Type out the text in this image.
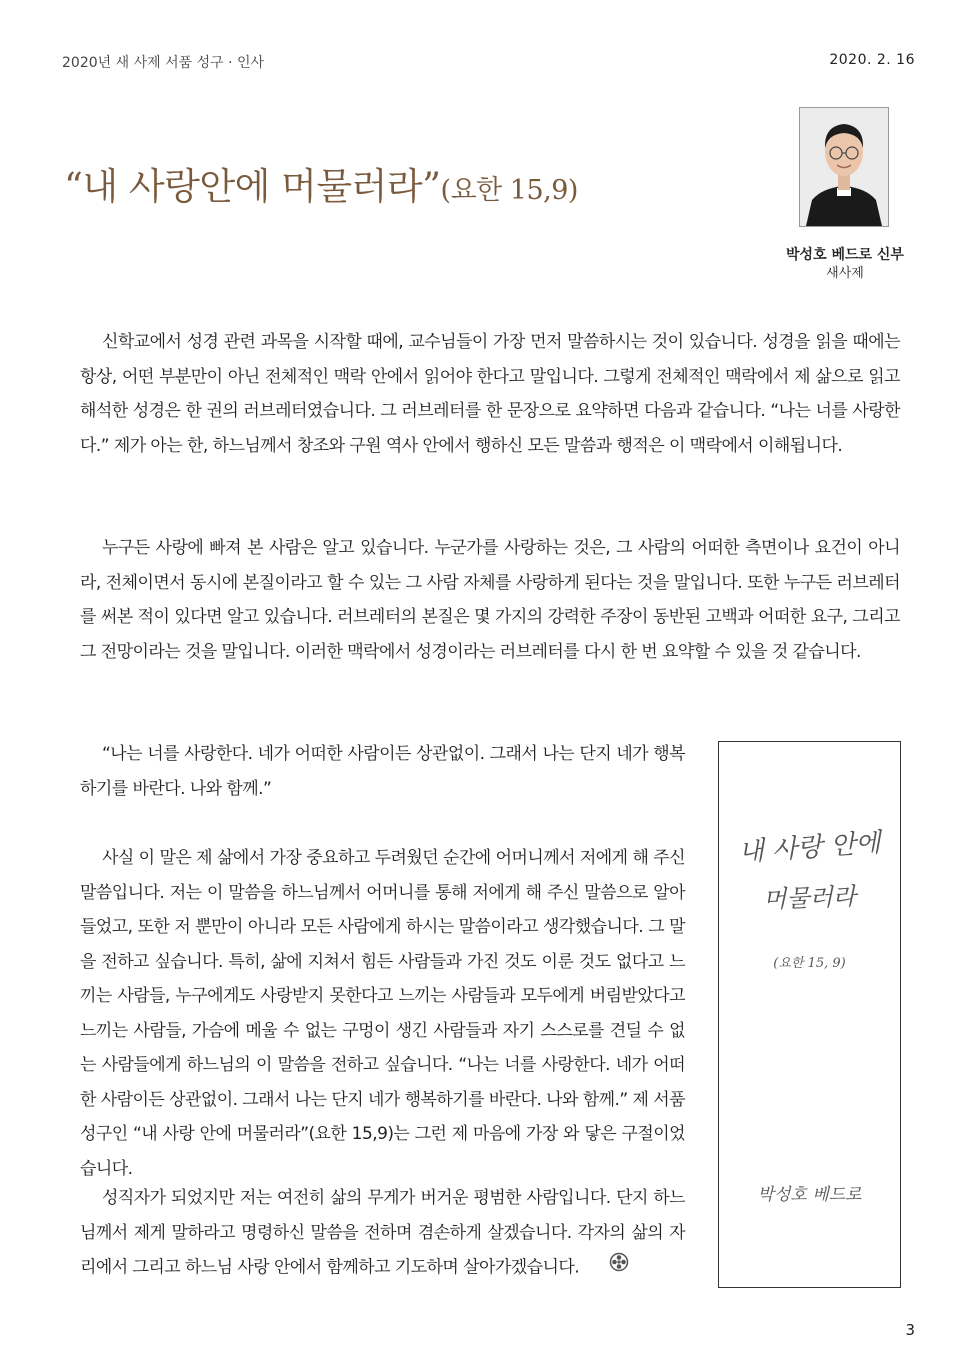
2020년 새 사제 서품 성구 · 인사	2020. 2. 16
“내 사랑안에 머물러라”(요한 15,9)
박성호 베드로 신부
새사제

신학교에서 성경 관련 과목을 시작할 때에, 교수님들이 가장 먼저 말씀하시는 것이 있습니다. 성경을 읽을 때에는 항상, 어떤 부분만이 아닌 전체적인 맥락 안에서 읽어야 한다고 말입니다. 그렇게 전체적인 맥락에서 제 삶으로 읽고 해석한 성경은 한 권의 러브레터였습니다. 그 러브레터를 한 문장으로 요약하면 다음과 같습니다. “나는 너를 사랑한다.” 제가 아는 한, 하느님께서 창조와 구원 역사 안에서 행하신 모든 말씀과 행적은 이 맥락에서 이해됩니다.

누구든 사랑에 빠져 본 사람은 알고 있습니다. 누군가를 사랑하는 것은, 그 사람의 어떠한 측면이나 요건이 아니라, 전체이면서 동시에 본질이라고 할 수 있는 그 사람 자체를 사랑하게 된다는 것을 말입니다. 또한 누구든 러브레터를 써본 적이 있다면 알고 있습니다. 러브레터의 본질은 몇 가지의 강력한 주장이 동반된 고백과 어떠한 요구, 그리고 그 전망이라는 것을 말입니다. 이러한 맥락에서 성경이라는 러브레터를 다시 한 번 요약할 수 있을 것 같습니다.

“나는 너를 사랑한다. 네가 어떠한 사람이든 상관없이. 그래서 나는 단지 네가 행복하기를 바란다. 나와 함께.”

사실 이 말은 제 삶에서 가장 중요하고 두려웠던 순간에 어머니께서 저에게 해 주신 말씀입니다. 저는 이 말씀을 하느님께서 어머니를 통해 저에게 해 주신 말씀으로 알아들었고, 또한 저 뿐만이 아니라 모든 사람에게 하시는 말씀이라고 생각했습니다. 그 말을 전하고 싶습니다. 특히, 삶에 지쳐서 힘든 사람들과 가진 것도 이룬 것도 없다고 느끼는 사람들, 누구에게도 사랑받지 못한다고 느끼는 사람들과 모두에게 버림받았다고 느끼는 사람들, 가슴에 메울 수 없는 구멍이 생긴 사람들과 자기 스스로를 견딜 수 없는 사람들에게 하느님의 이 말씀을 전하고 싶습니다. “나는 너를 사랑한다. 네가 어떠한 사람이든 상관없이. 그래서 나는 단지 네가 행복하기를 바란다. 나와 함께.” 제 서품 성구인 “내 사랑 안에 머물러라”(요한 15,9)는 그런 제 마음에 가장 와 닿은 구절이었습니다.

성직자가 되었지만 저는 여전히 삶의 무게가 버거운 평범한 사람입니다. 단지 하느님께서 제게 말하라고 명령하신 말씀을 전하며 겸손하게 살겠습니다. 각자의 삶의 자리에서 그리고 하느님 사랑 안에서 함께하고 기도하며 살아가겠습니다.

내 사랑 안에
머물러라
(요한 15, 9)
박성호 베드로
3
